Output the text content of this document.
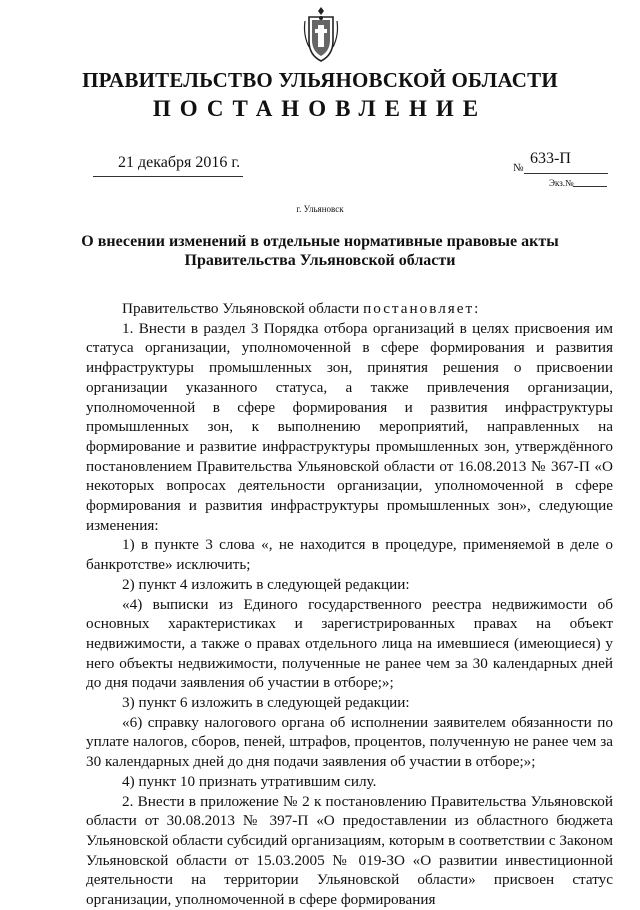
ПРАВИТЕЛЬСТВО УЛЬЯНОВСКОЙ ОБЛАСТИ
ПОСТАНОВЛЕНИЕ
21 декабря 2016 г.	№
633-П
Экз.№
г. Ульяновск
О внесении изменений в отдельные нормативные правовые акты
Правительства Ульяновской области

Правительство Ульяновской области постановляет:

1. Внести в раздел 3 Порядка отбора организаций в целях присвоения им статуса организации, уполномоченной в сфере формирования и развития инфраструктуры промышленных зон, принятия решения о присвоении организации указанного статуса, а также привлечения организации, уполномоченной в сфере формирования и развития инфраструктуры промышленных зон, к выполнению мероприятий, направленных на формирование и развитие инфраструктуры промышленных зон, утверждённого постановлением Правительства Ульяновской области от 16.08.2013 № 367-П «О некоторых вопросах деятельности организации, уполномоченной в сфере формирования и развития инфраструктуры промышленных зон», следующие изменения:

1) в пункте 3 слова «, не находится в процедуре, применяемой в деле о банкротстве» исключить;

2) пункт 4 изложить в следующей редакции:

«4) выписки из Единого государственного реестра недвижимости об основных характеристиках и зарегистрированных правах на объект недвижимости, а также о правах отдельного лица на имевшиеся (имеющиеся) у него объекты недвижимости, полученные не ранее чем за 30 календарных дней до дня подачи заявления об участии в отборе;»;

3) пункт 6 изложить в следующей редакции:

«6) справку налогового органа об исполнении заявителем обязанности по уплате налогов, сборов, пеней, штрафов, процентов, полученную не ранее чем за 30 календарных дней до дня подачи заявления об участии в отборе;»;

4) пункт 10 признать утратившим силу.

2. Внести в приложение № 2 к постановлению Правительства Ульяновской области от 30.08.2013 № 397-П «О предоставлении из областного бюджета Ульяновской области субсидий организациям, которым в соответствии с Законом Ульяновской области от 15.03.2005 № 019-ЗО «О развитии инвестиционной деятельности на территории Ульяновской области» присвоен статус организации, уполномоченной в сфере формирования
